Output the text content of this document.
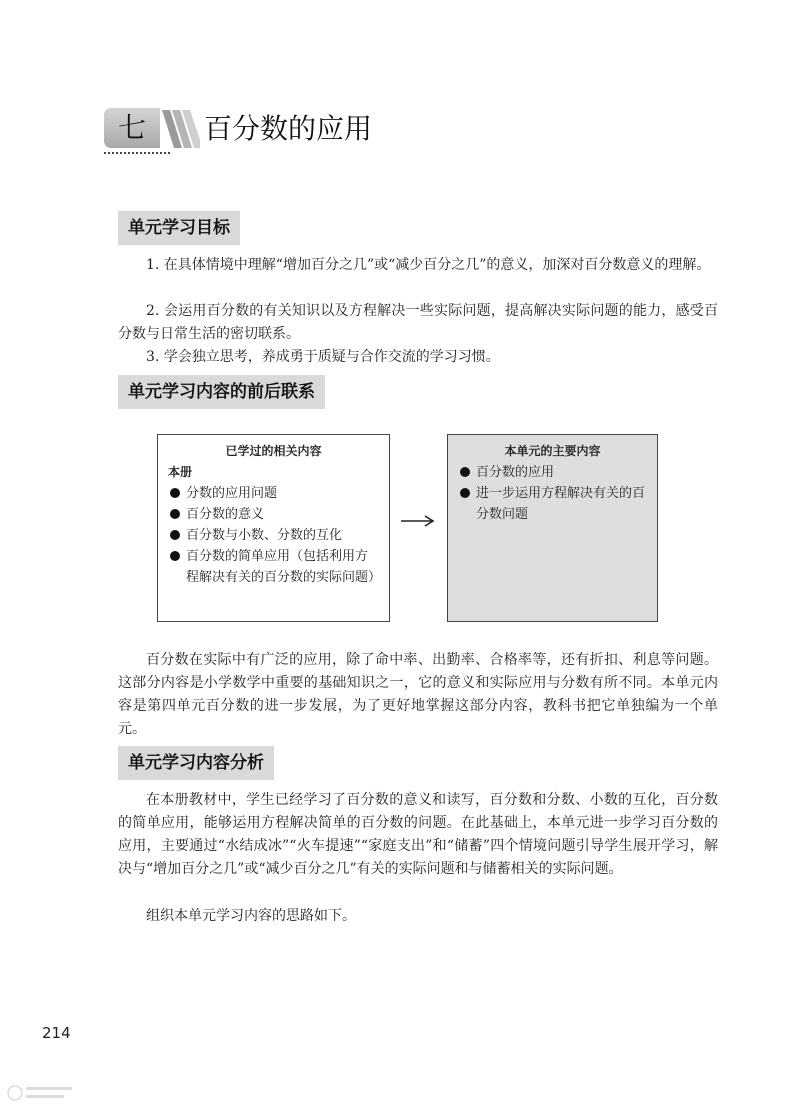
七	百分数的应用
单元学习目标

1. 在具体情境中理解“增加百分之几”或“减少百分之几”的意义，加深对百分数意义的理解。

2. 会运用百分数的有关知识以及方程解决一些实际问题，提高解决实际问题的能力，感受百分数与日常生活的密切联系。

3. 学会独立思考，养成勇于质疑与合作交流的学习习惯。

单元学习内容的前后联系
已学过的相关内容
本册
分数的应用问题
百分数的意义
百分数与小数、分数的互化
百分数的简单应用（包括利用方程解决有关的百分数的实际问题）
本单元的主要内容
百分数的应用
进一步运用方程解决有关的百分数问题

百分数在实际中有广泛的应用，除了命中率、出勤率、合格率等，还有折扣、利息等问题。这部分内容是小学数学中重要的基础知识之一，它的意义和实际应用与分数有所不同。本单元内容是第四单元百分数的进一步发展，为了更好地掌握这部分内容，教科书把它单独编为一个单元。

单元学习内容分析

在本册教材中，学生已经学习了百分数的意义和读写，百分数和分数、小数的互化，百分数的简单应用，能够运用方程解决简单的百分数的问题。在此基础上，本单元进一步学习百分数的应用，主要通过“水结成冰”“火车提速”“家庭支出”和“储蓄”四个情境问题引导学生展开学习，解决与“增加百分之几”或“减少百分之几”有关的实际问题和与储蓄相关的实际问题。

组织本单元学习内容的思路如下。

214
